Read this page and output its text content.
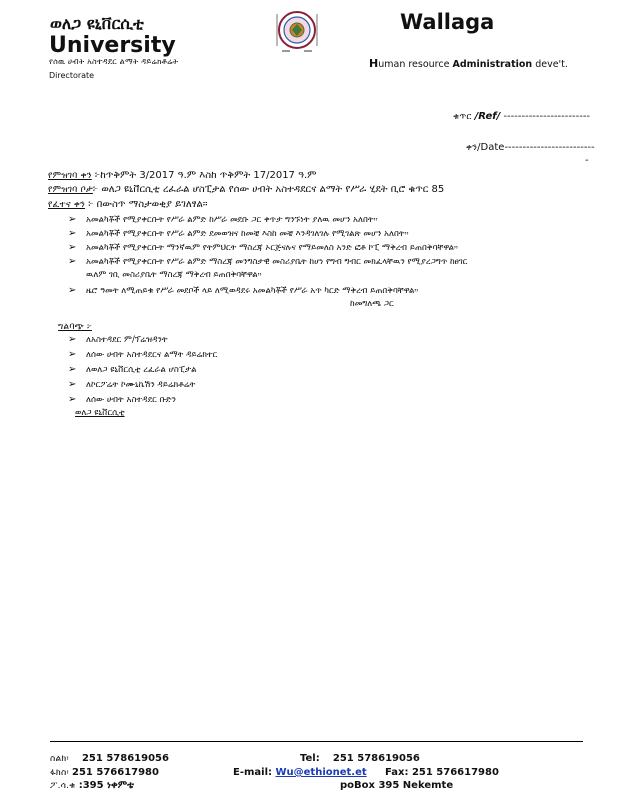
ወለጋ ዩኒቨርሲቲ
University
የሰዉ ሀብት አስተዳደር ልማት ዳይሬክቶሬት
Directorate
Wallaga
Human resource Administration deve't.
ቁጥር /Ref/ ------------------------
ቀን/Date-------------------------
-
የምዝገባ ቀን ፦ከጥቅምት 3/2017 ዓ.ም እስከ ጥቅምት 17/2017 ዓ.ም
የምዝገባ ቦታ፦ ወለጋ ዩኒቨርሲቲ ረፈራል ሆስፒታል የሰው ሀብት አስተዳደርና ልማት የሥራ ሂደት ቢሮ ቁጥር 85
የፈተና ቀን ፦ በውስጥ ማስታወቂያ ይገለፃል።
➢ አመልካቾች የሚያቀርቡት የሥራ ልምድ ከሥራ መደቡ ጋር ቀጥታ ግንኙነት ያለዉ መሆን አለበት።
➢ አመልካቾች የሚያቀርቡት የሥራ ልምድ ደመወዝና ከመቼ እስከ መቼ እንዳገለገሉ የሚገልጽ መሆን አለበት።
➢ አመልካቾች የሚያቀርቡት ማንኛዉም የትምህርት ማስረጃ ኦርጅናሉና የማይመለስ አንድ ፎቶ ኮፒ ማቅረብ ይጠበቅባቸዋል።
➢ አመልካቾች የሚያቀርቡት የሥራ ልምድ ማስረጃ መንግስታዊ መስሪያቤት ከሆነ የግብ ግብር መክፈላቸዉን የሚያረጋግጥ ከፀገር
ዉለም ገቢ መስሪያቤት ማስረጃ ማቅረብ ይጠበቅባቸዋል።
➢ ዜሮ ዓመት ለሚጠይቁ የሥራ መደቦች ላይ ለሚወዳደሩ አመልካቾች የሥራ አጥ ካርድ ማቅረብ ይጠበቅባቸዋል።
ከመግለጫ ጋር
ግልባጭ ፦
➢ ለአስተዳደር ም/ፕሬዝዳንት
➢ ለሰው ሀብት አስተዳደርና ልማት ዳይሬክተር
➢ ለወለጋ ዩኒቨርሲቲ ረፈራል ሆስፒታል
➢ ለኮርፖሬት ኮሙኒኬሽን ዳይሬክቶሬት
➢ ለሰው ሀብት አስተዳደር ቡድን
ወለጋ ዩኒቨርሲቲ
ስልክ፡ 251 578619056
ፋክስ፡ 251 576617980
ፖ.ሳ.ቁ :395 ነቀምቴ
Tel: 251 578619056
E-mail: Wu@ethionet.et Fax: 251 576617980
poBox 395 Nekemte
